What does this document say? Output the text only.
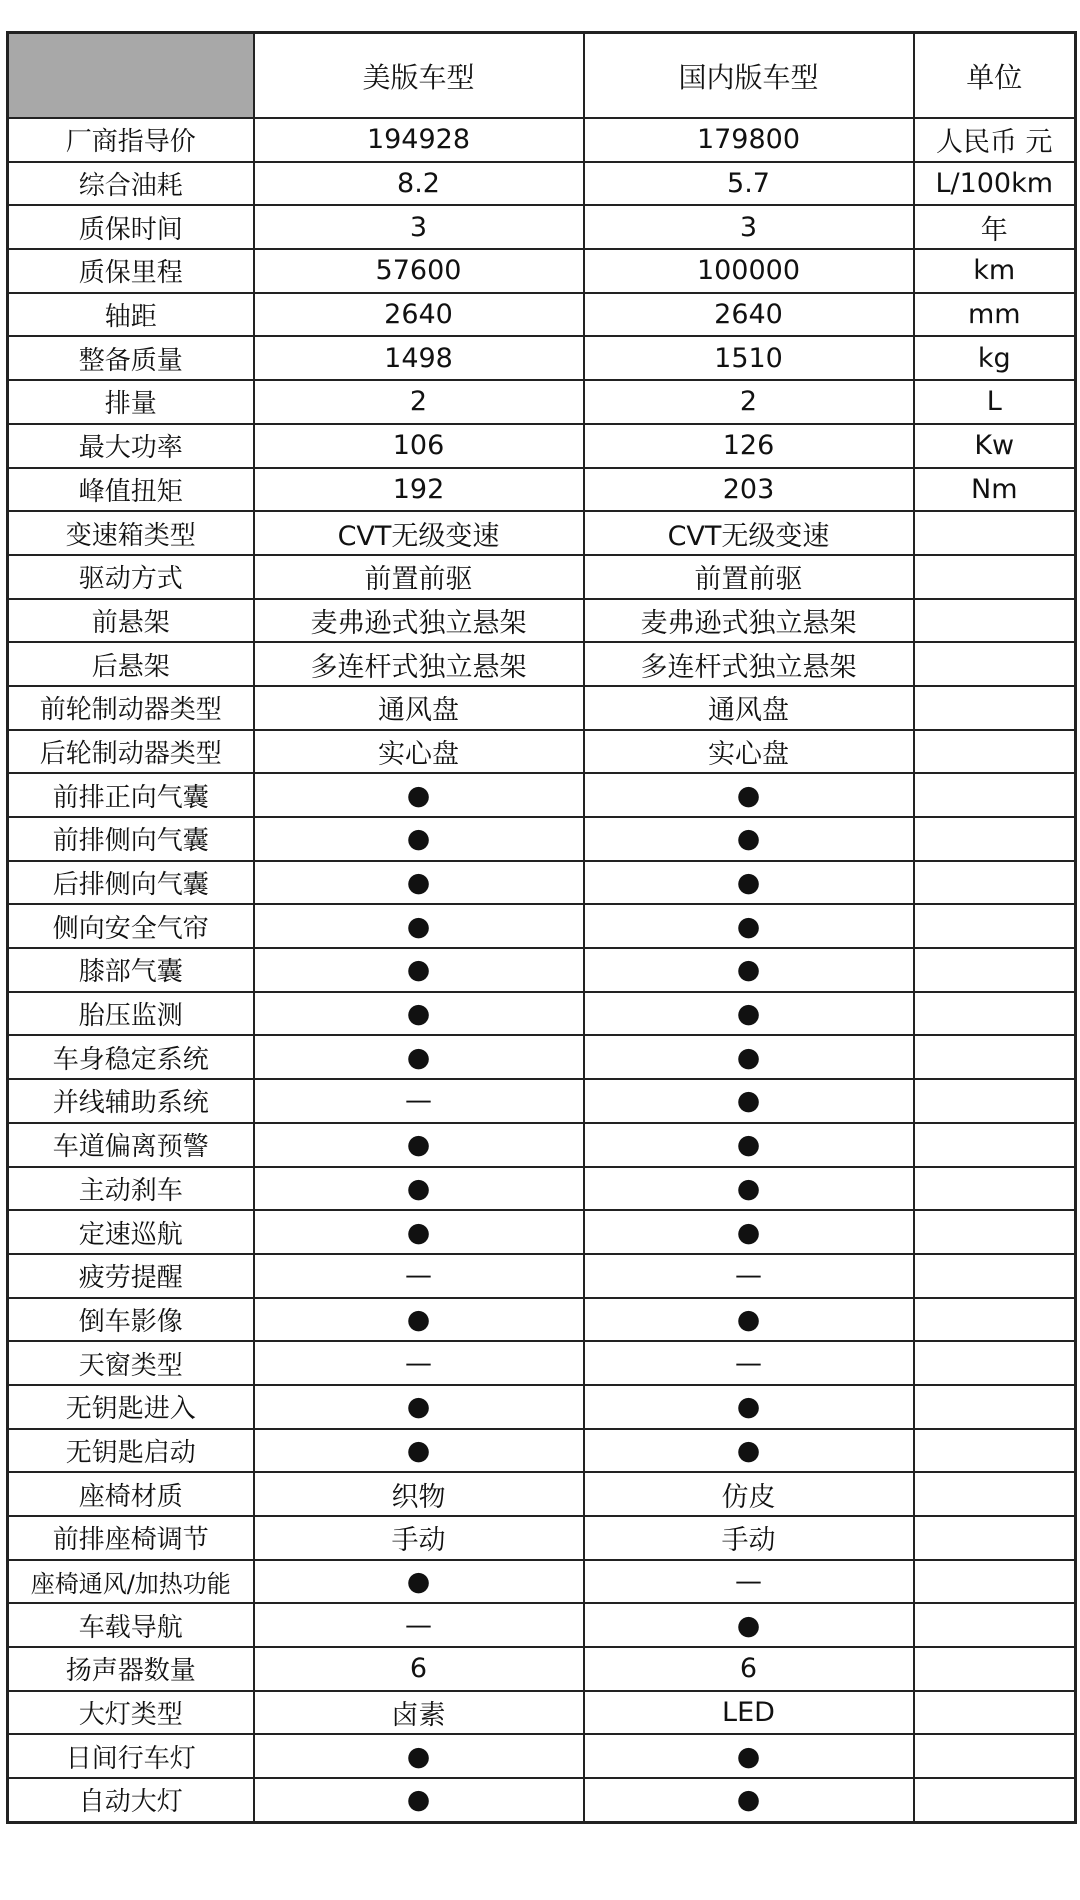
	美版车型	国内版车型	单位
厂商指导价	194928	179800	人民币 元
综合油耗	8.2	5.7	L/100km
质保时间	3	3	年
质保里程	57600	100000	km
轴距	2640	2640	mm
整备质量	1498	1510	kg
排量	2	2	L
最大功率	106	126	Kw
峰值扭矩	192	203	Nm
变速箱类型	CVT无级变速	CVT无级变速	
驱动方式	前置前驱	前置前驱	
前悬架	麦弗逊式独立悬架	麦弗逊式独立悬架	
后悬架	多连杆式独立悬架	多连杆式独立悬架	
前轮制动器类型	通风盘	通风盘	
后轮制动器类型	实心盘	实心盘	
前排正向气囊	●	●	
前排侧向气囊	●	●	
后排侧向气囊	●	●	
侧向安全气帘	●	●	
膝部气囊	●	●	
胎压监测	●	●	
车身稳定系统	●	●	
并线辅助系统	—	●	
车道偏离预警	●	●	
主动刹车	●	●	
定速巡航	●	●	
疲劳提醒	—	—	
倒车影像	●	●	
天窗类型	—	—	
无钥匙进入	●	●	
无钥匙启动	●	●	
座椅材质	织物	仿皮	
前排座椅调节	手动	手动	
座椅通风/加热功能	●	—	
车载导航	—	●	
扬声器数量	6	6	
大灯类型	卤素	LED	
日间行车灯	●	●	
自动大灯	●	●	
